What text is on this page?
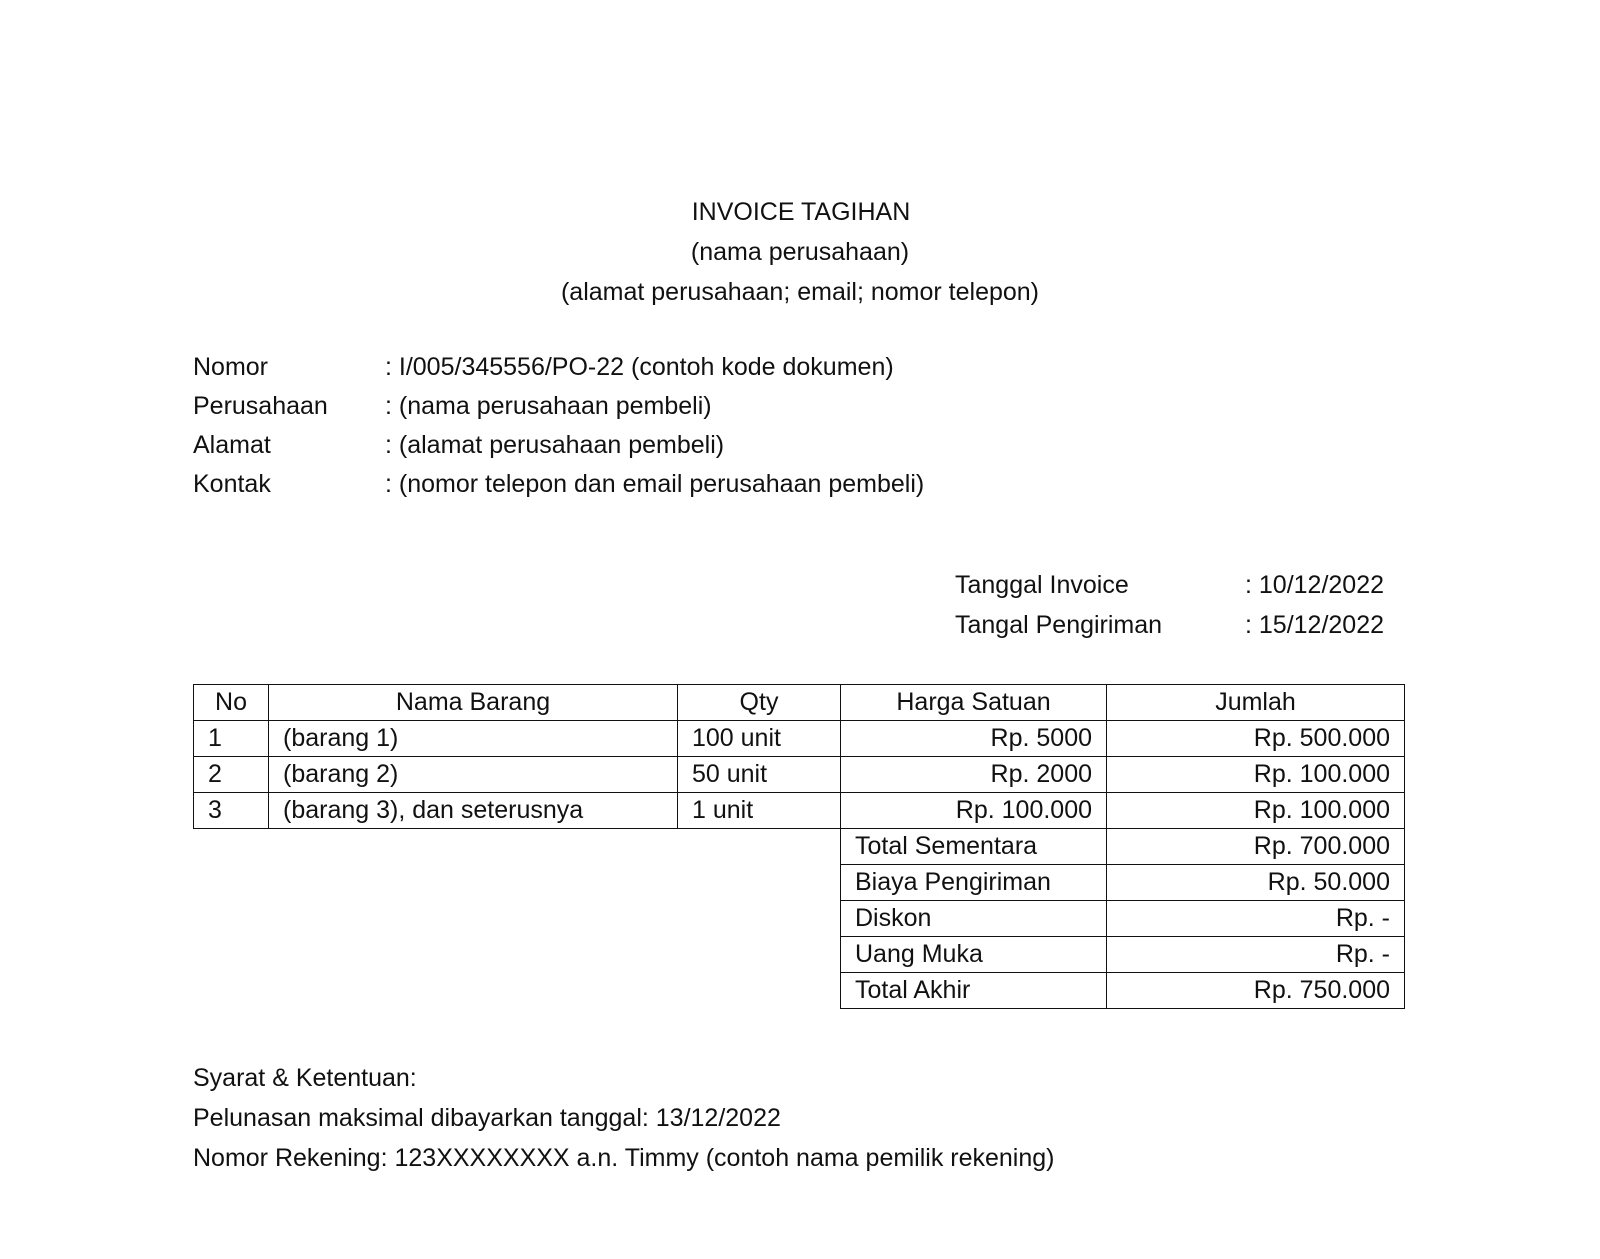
INVOICE TAGIHAN
(nama perusahaan)
(alamat perusahaan; email; nomor telepon)
Nomor	: I/005/345556/PO-22 (contoh kode dokumen)
Perusahaan	: (nama perusahaan pembeli)
Alamat	: (alamat perusahaan pembeli)
Kontak	: (nomor telepon dan email perusahaan pembeli)
Tanggal Invoice	: 10/12/2022
Tangal Pengiriman	: 15/12/2022
No	Nama Barang	Qty	Harga Satuan	Jumlah
1	(barang 1)	100 unit	Rp. 5000	Rp. 500.000
2	(barang 2)	50 unit	Rp. 2000	Rp. 100.000
3	(barang 3), dan seterusnya	1 unit	Rp. 100.000	Rp. 100.000
			Total Sementara	Rp. 700.000
			Biaya Pengiriman	Rp. 50.000
			Diskon	Rp. -
			Uang Muka	Rp. -
			Total Akhir	Rp. 750.000
Syarat & Ketentuan:
Pelunasan maksimal dibayarkan tanggal: 13/12/2022
Nomor Rekening: 123XXXXXXXX a.n. Timmy (contoh nama pemilik rekening)
